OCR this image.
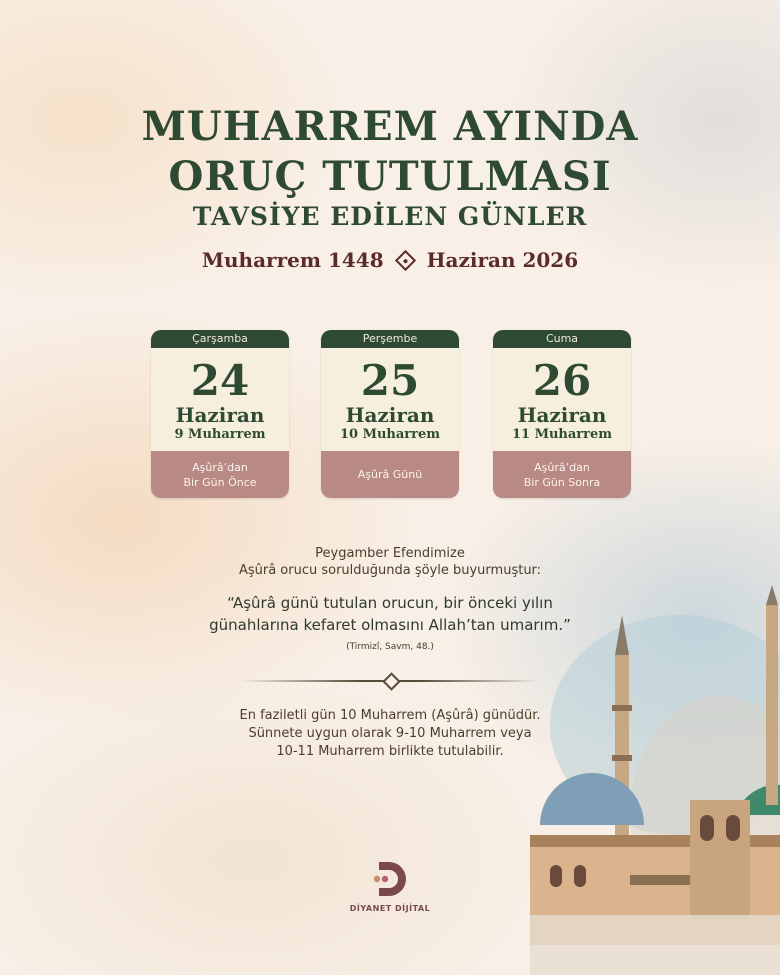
MUHARREM AYINDA
ORUÇ TUTULMASI
TAVSİYE EDİLEN GÜNLER
Muharrem 1448 Haziran 2026
Çarşamba
24
Haziran
9 Muharrem
Aşûrâ’dan
Bir Gün Önce
Perşembe
25
Haziran
10 Muharrem
Aşûrâ Günü
Cuma
26
Haziran
11 Muharrem
Aşûrâ’dan
Bir Gün Sonra
Peygamber Efendimize
Aşûrâ orucu sorulduğunda şöyle buyurmuştur:
“Aşûrâ günü tutulan orucun, bir önceki yılın
günahlarına kefaret olmasını Allah’tan umarım.”
(Tirmizî, Savm, 48.)
En faziletli gün 10 Muharrem (Aşûrâ) günüdür.
Sünnete uygun olarak 9-10 Muharrem veya
10-11 Muharrem birlikte tutulabilir.
DİYANET DİJİTAL
